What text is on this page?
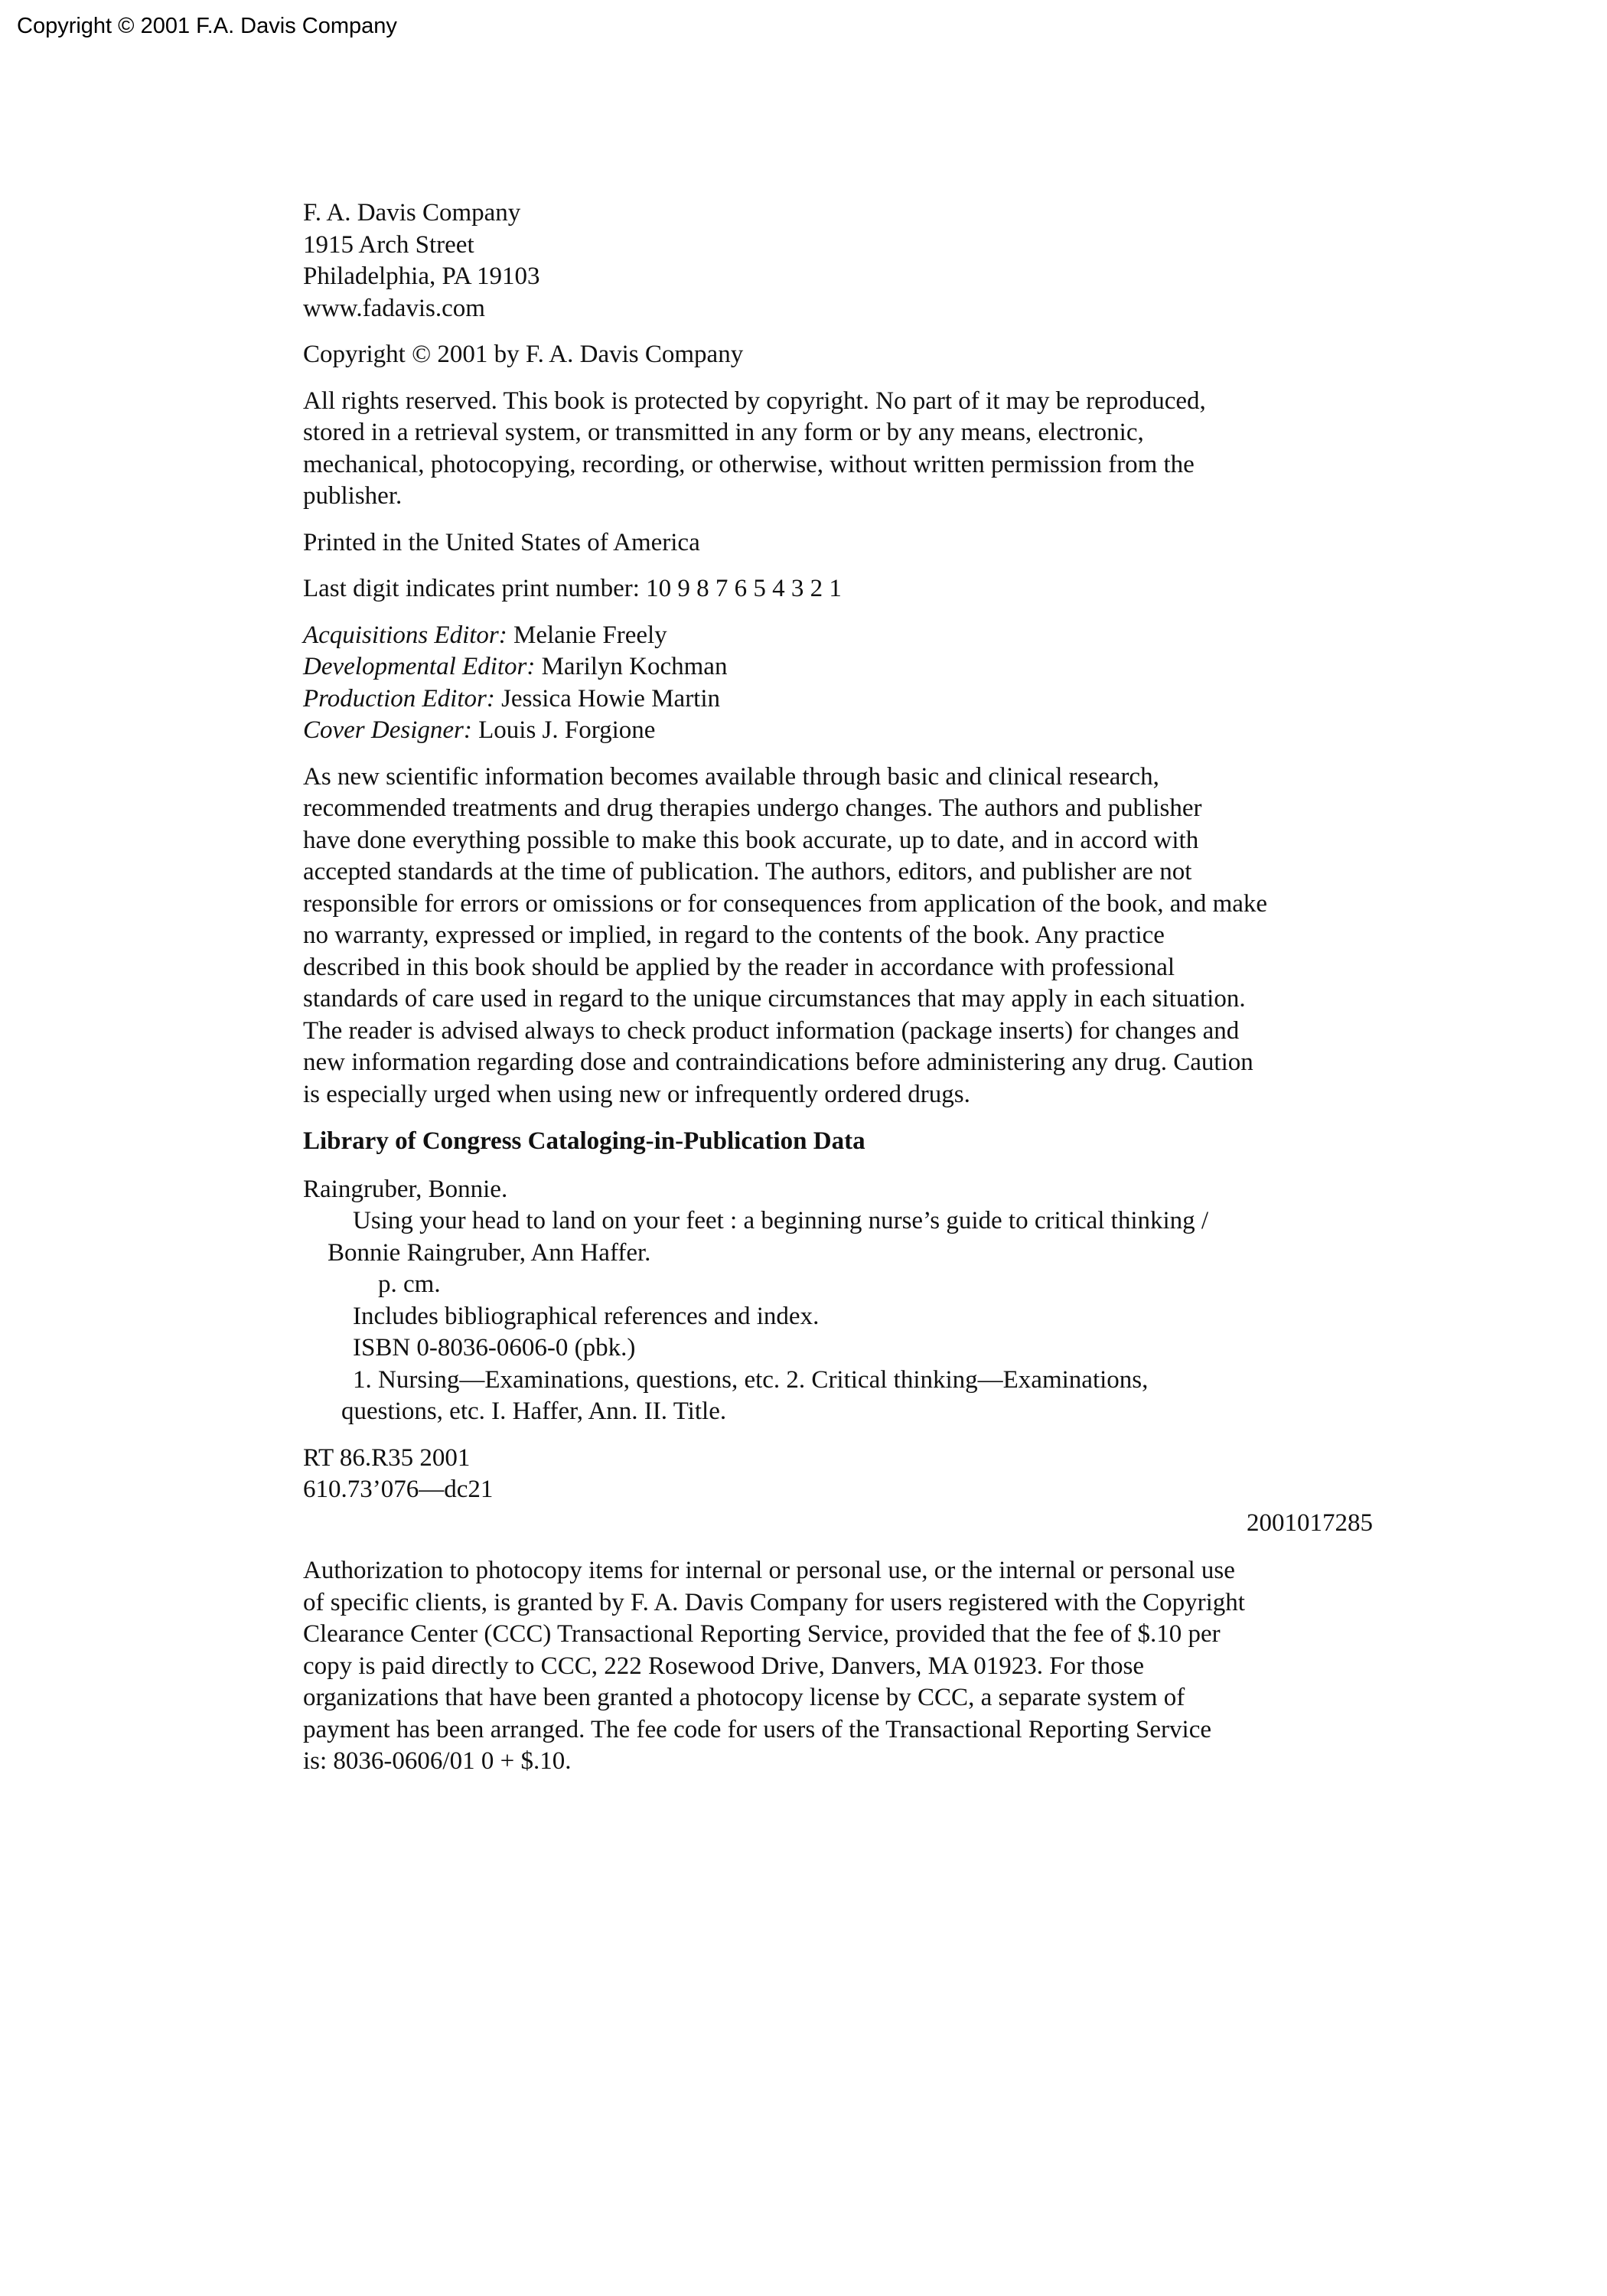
Copyright © 2001 F.A. Davis Company
F. A. Davis Company
1915 Arch Street
Philadelphia, PA 19103
www.fadavis.com
Copyright © 2001 by F. A. Davis Company
All rights reserved. This book is protected by copyright. No part of it may be reproduced,
stored in a retrieval system, or transmitted in any form or by any means, electronic,
mechanical, photocopying, recording, or otherwise, without written permission from the
publisher.
Printed in the United States of America
Last digit indicates print number: 10 9 8 7 6 5 4 3 2 1
Acquisitions Editor: Melanie Freely
Developmental Editor: Marilyn Kochman
Production Editor: Jessica Howie Martin
Cover Designer: Louis J. Forgione
As new scientific information becomes available through basic and clinical research,
recommended treatments and drug therapies undergo changes. The authors and publisher
have done everything possible to make this book accurate, up to date, and in accord with
accepted standards at the time of publication. The authors, editors, and publisher are not
responsible for errors or omissions or for consequences from application of the book, and make
no warranty, expressed or implied, in regard to the contents of the book. Any practice
described in this book should be applied by the reader in accordance with professional
standards of care used in regard to the unique circumstances that may apply in each situation.
The reader is advised always to check product information (package inserts) for changes and
new information regarding dose and contraindications before administering any drug. Caution
is especially urged when using new or infrequently ordered drugs.
Library of Congress Cataloging-in-Publication Data
Raingruber, Bonnie.
Using your head to land on your feet : a beginning nurse’s guide to critical thinking /
Bonnie Raingruber, Ann Haffer.
p. cm.
Includes bibliographical references and index.
ISBN 0-8036-0606-0 (pbk.)
1. Nursing—Examinations, questions, etc. 2. Critical thinking—Examinations,
questions, etc. I. Haffer, Ann. II. Title.
RT 86.R35 2001
610.73’076—dc21
2001017285
Authorization to photocopy items for internal or personal use, or the internal or personal use
of specific clients, is granted by F. A. Davis Company for users registered with the Copyright
Clearance Center (CCC) Transactional Reporting Service, provided that the fee of $.10 per
copy is paid directly to CCC, 222 Rosewood Drive, Danvers, MA 01923. For those
organizations that have been granted a photocopy license by CCC, a separate system of
payment has been arranged. The fee code for users of the Transactional Reporting Service
is: 8036-0606/01 0 + $.10.
